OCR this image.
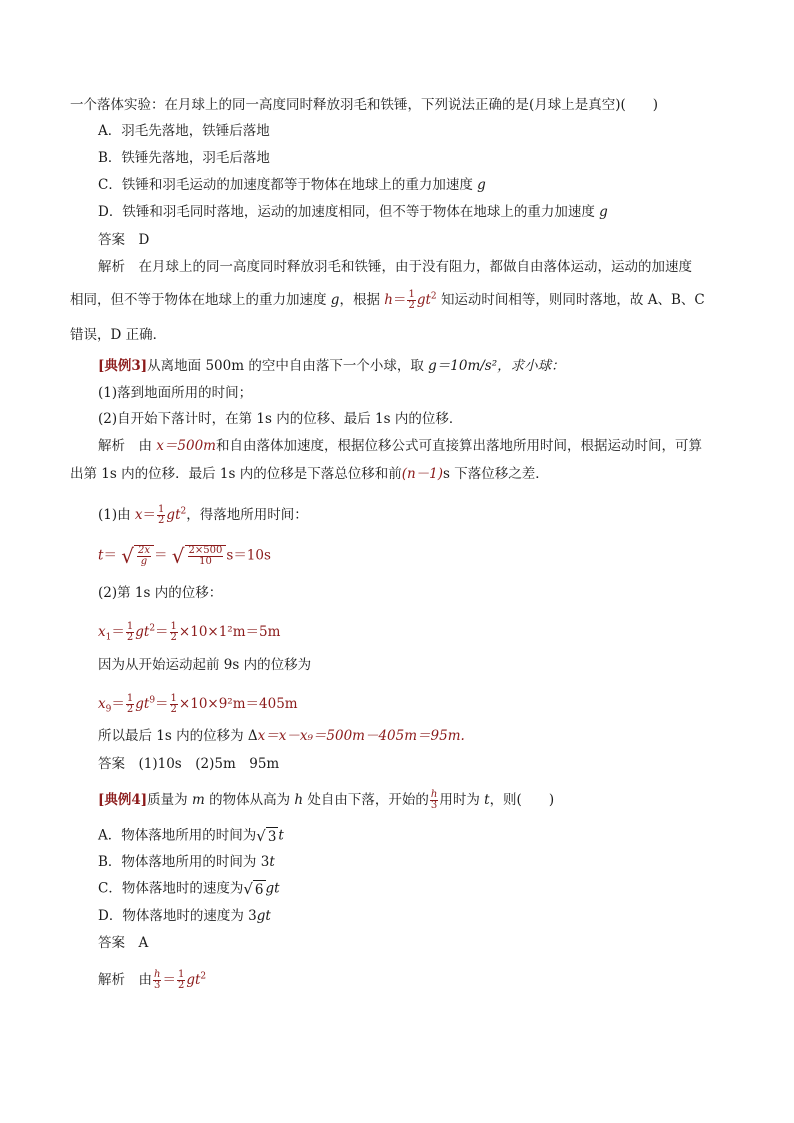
一个落体实验：在月球上的同一高度同时释放羽毛和铁锤，下列说法正确的是(月球上是真空)(　　)
A．羽毛先落地，铁锤后落地
B．铁锤先落地，羽毛后落地
C．铁锤和羽毛运动的加速度都等于物体在地球上的重力加速度 g
D．铁锤和羽毛同时落地，运动的加速度相同，但不等于物体在地球上的重力加速度 g
答案　 D
解析　 在月球上的同一高度同时释放羽毛和铁锤，由于没有阻力，都做自由落体运动，运动的加速度
相同，但不等于物体在地球上的重力加速度 g，根据 $h= \frac{1}{2} gt^2$ 知运动时间相等，则同时落地，故 A、B、C
错误，D 正确．
[典例3]从离地面 500m 的空中自由落下一个小球，取 g＝10m/s²，求小球：
(1)落到地面所用的时间；
(2)自开始下落计时，在第 1s 内的位移、最后 1s 内的位移．
解析　 由 x＝500m和自由落体加速度，根据位移公式可直接算出落地所用时间，根据运动时间，可算
出第 1s 内的位移．最后 1s 内的位移是下落总位移和前(n－1)s 下落位移之差．
(1)由 $x= \frac{1}{2} gt^2$，得落地所用时间：
t＝ √ $\frac{2x}{g}$ ＝ √ $\frac{2\times 500}{10} s=10s$
(2)第 1s 内的位移：
$x_1= \frac{1}{2} gt^2= \frac{1}{2} \times 10\times 1^2m=5m$
因为从开始运动起前 9s 内的位移为
$x_9= \frac{1}{2} gt^9= \frac{1}{2} \times 10\times 9^2m=405m$
所以最后 1s 内的位移为 Δx＝x－x₉＝500m－405m＝95m.
答案　 (1)10s　(2)5m　95m
[典例4]质量为 m 的物体从高为 h 处自由下落，开始的 $\frac{h}{3}$ 用时为 t，则(　　)
A．物体落地所用的时间为√ 3 t
B．物体落地所用的时间为 3t
C．物体落地时的速度为√ 6 gt
D．物体落地时的速度为 3gt
答案　 A
解析　 由 $\frac{h}{3} = \frac{1}{2} gt^2$
